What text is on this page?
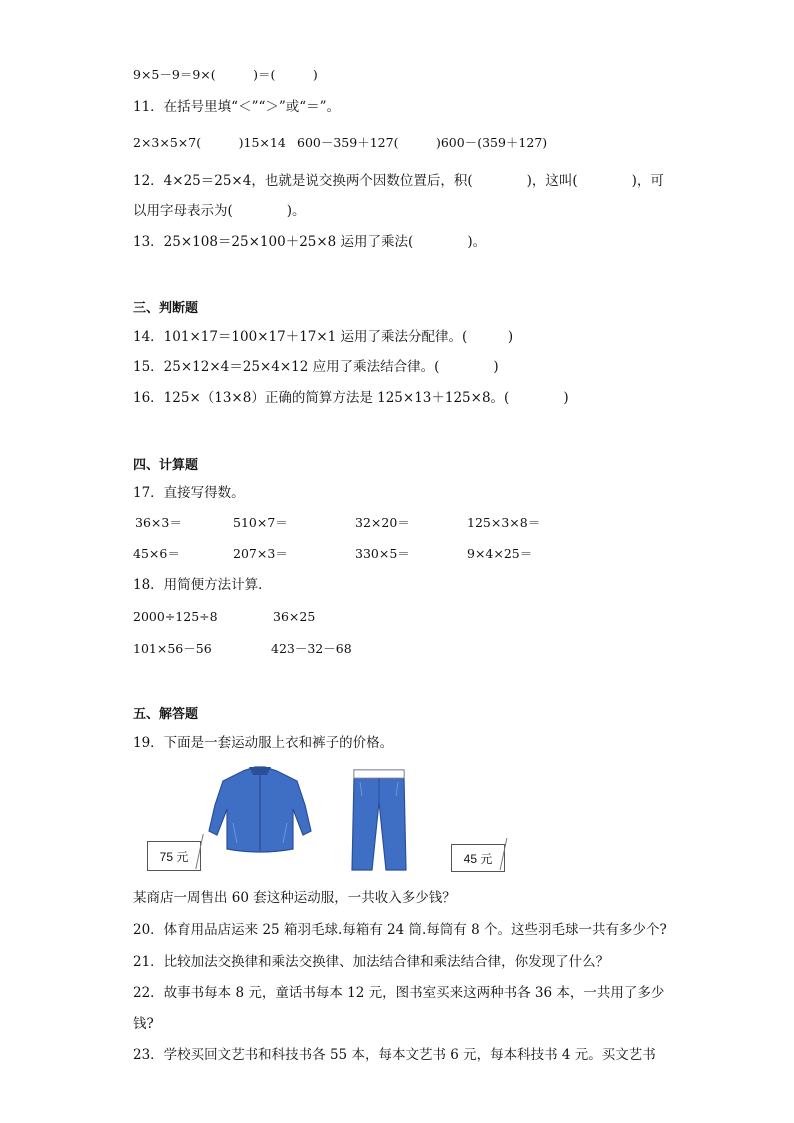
9×5－9＝9×(　　　)＝(　　　)
11．在括号里填“＜”“＞”或“＝”。
2×3×5×7(　　　)15×14 600－359＋127(　　　)600－(359＋127)
12．4×25＝25×4，也就是说交换两个因数位置后，积(　　　　)，这叫(　　　　)，可
以用字母表示为(　　　　)。
13．25×108＝25×100＋25×8 运用了乘法(　　　　)。
三、判断题
14．101×17＝100×17＋17×1 运用了乘法分配律。(　　　)
15．25×12×4＝25×4×12 应用了乘法结合律。(　　　　)
16．125×（13×8）正确的简算方法是 125×13＋125×8。(　　　　)
四、计算题
17．直接写得数。
36×3＝	510×7＝	32×20＝	125×3×8＝
45×6＝	207×3＝	330×5＝	9×4×25＝
18．用简便方法计算．
2000÷125÷8	36×25
101×56－56	423－32－68
五、解答题
19．下面是一套运动服上衣和裤子的价格。
75 元	45 元
某商店一周售出 60 套这种运动服，一共收入多少钱？
20．体育用品店运来 25 箱羽毛球.每箱有 24 筒.每筒有 8 个。这些羽毛球一共有多少个?
21．比较加法交换律和乘法交换律、加法结合律和乘法结合律，你发现了什么？
22．故事书每本 8 元，童话书每本 12 元，图书室买来这两种书各 36 本，一共用了多少
钱?
23．学校买回文艺书和科技书各 55 本，每本文艺书 6 元，每本科技书 4 元。买文艺书
